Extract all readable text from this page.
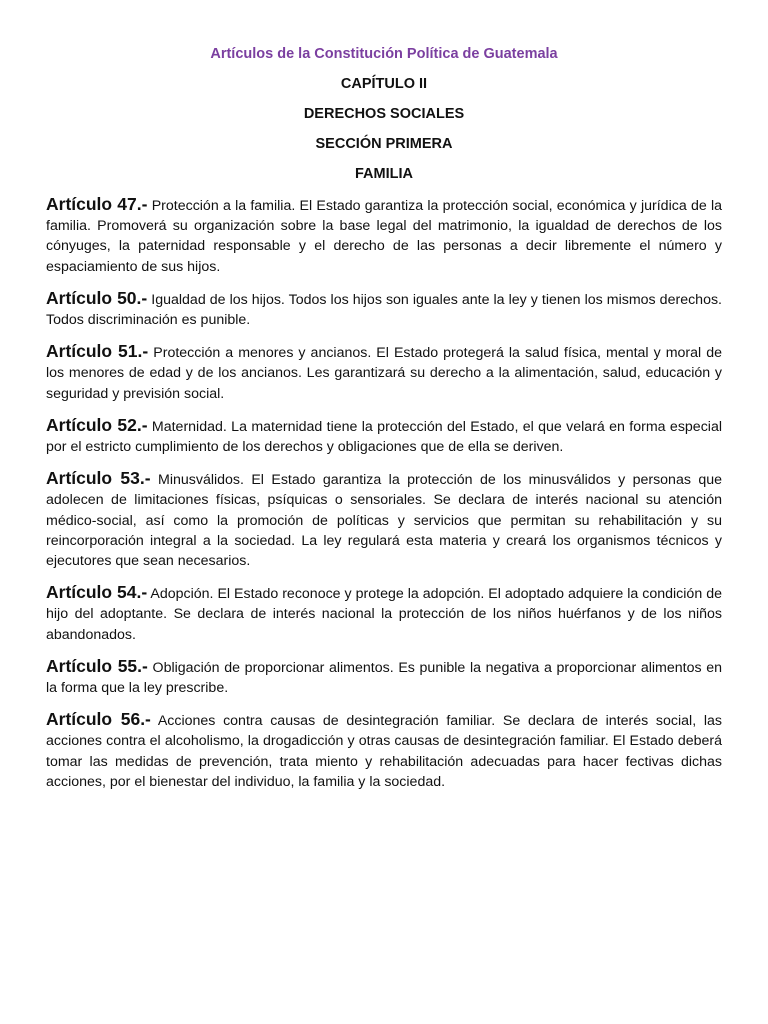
Artículos de la Constitución Política de Guatemala
CAPÍTULO II
DERECHOS SOCIALES
SECCIÓN PRIMERA
FAMILIA
Artículo 47.- Protección a la familia. El Estado garantiza la protección social, económica y jurídica de la familia. Promoverá su organización sobre la base legal del matrimonio, la igualdad de derechos de los cónyuges, la paternidad responsable y el derecho de las personas a decir libremente el número y espaciamiento de sus hijos.
Artículo 50.- Igualdad de los hijos. Todos los hijos son iguales ante la ley y tienen los mismos derechos. Todos discriminación es punible.
Artículo 51.- Protección a menores y ancianos. El Estado protegerá la salud física, mental y moral de los menores de edad y de los ancianos. Les garantizará su derecho a la alimentación, salud, educación y seguridad y previsión social.
Artículo 52.- Maternidad. La maternidad tiene la protección del Estado, el que velará en forma especial por el estricto cumplimiento de los derechos y obligaciones que de ella se deriven.
Artículo 53.- Minusválidos. El Estado garantiza la protección de los minusválidos y personas que adolecen de limitaciones físicas, psíquicas o sensoriales. Se declara de interés nacional su atención médico-social, así como la promoción de políticas y servicios que permitan su rehabilitación y su reincorporación integral a la sociedad. La ley regulará esta materia y creará los organismos técnicos y ejecutores que sean necesarios.
Artículo 54.- Adopción. El Estado reconoce y protege la adopción. El adoptado adquiere la condición de hijo del adoptante. Se declara de interés nacional la protección de los niños huérfanos y de los niños abandonados.
Artículo 55.- Obligación de proporcionar alimentos. Es punible la negativa a proporcionar alimentos en la forma que la ley prescribe.
Artículo 56.- Acciones contra causas de desintegración familiar. Se declara de interés social, las acciones contra el alcoholismo, la drogadicción y otras causas de desintegración familiar. El Estado deberá tomar las medidas de prevención, trata miento y rehabilitación adecuadas para hacer fectivas dichas acciones, por el bienestar del individuo, la familia y la sociedad.
